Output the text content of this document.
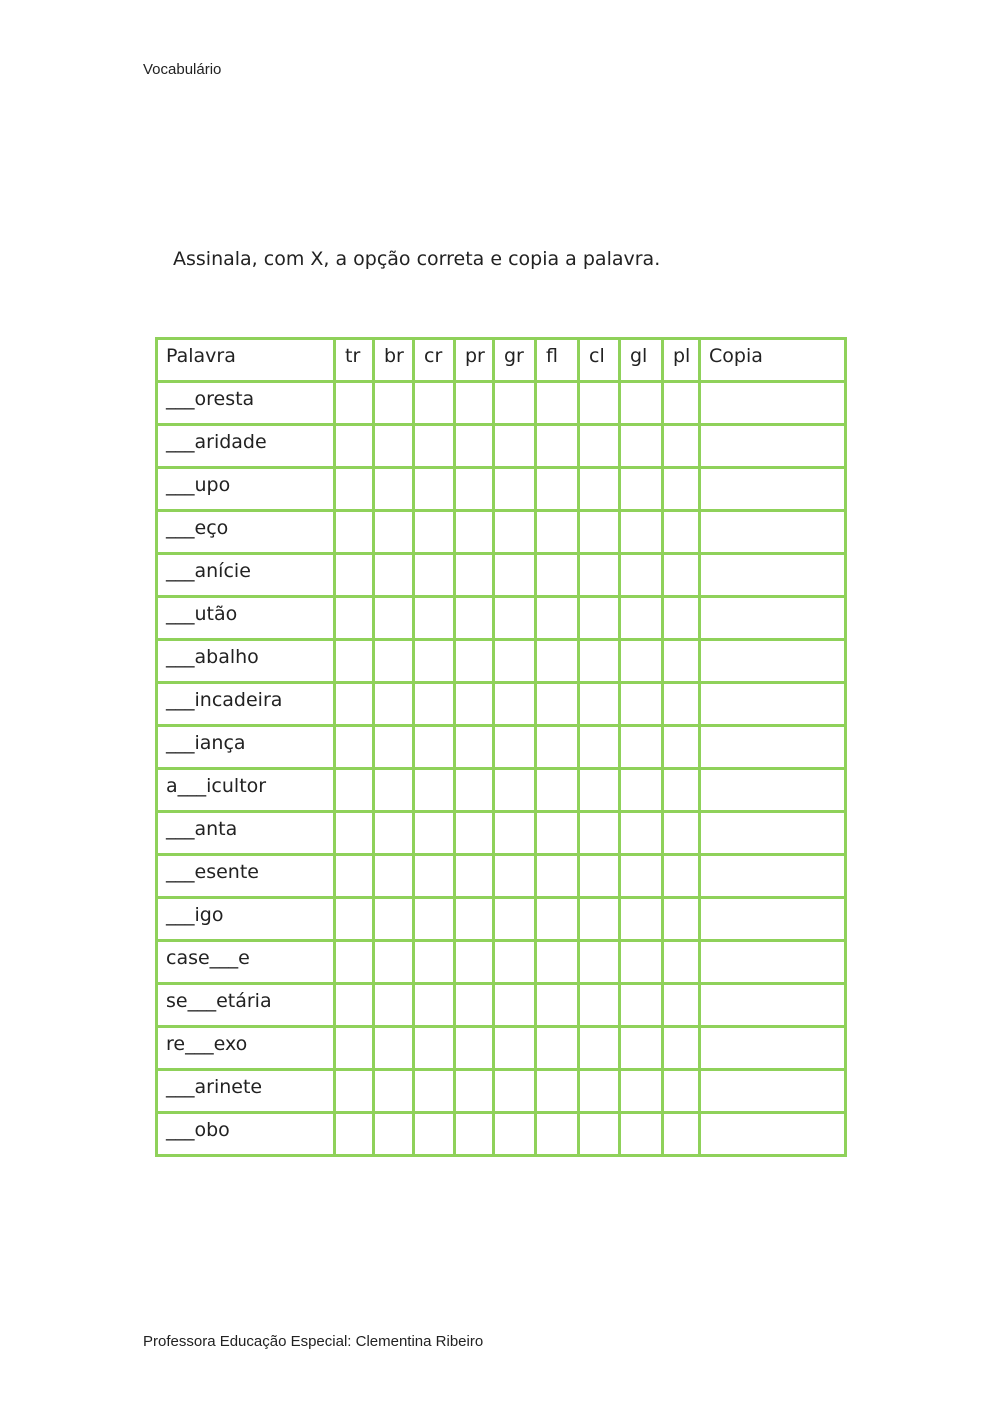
Vocabulário
Assinala, com X, a opção correta e copia a palavra.
Palavra	tr	br	cr	pr	gr	fl	cl	gl	pl	Copia
___oresta										
___aridade										
___upo										
___eço										
___anície										
___utão										
___abalho										
___incadeira										
___iança										
a___icultor										
___anta										
___esente										
___igo										
case___e										
se___etária										
re___exo										
___arinete										
___obo										
Professora Educação Especial: Clementina Ribeiro
